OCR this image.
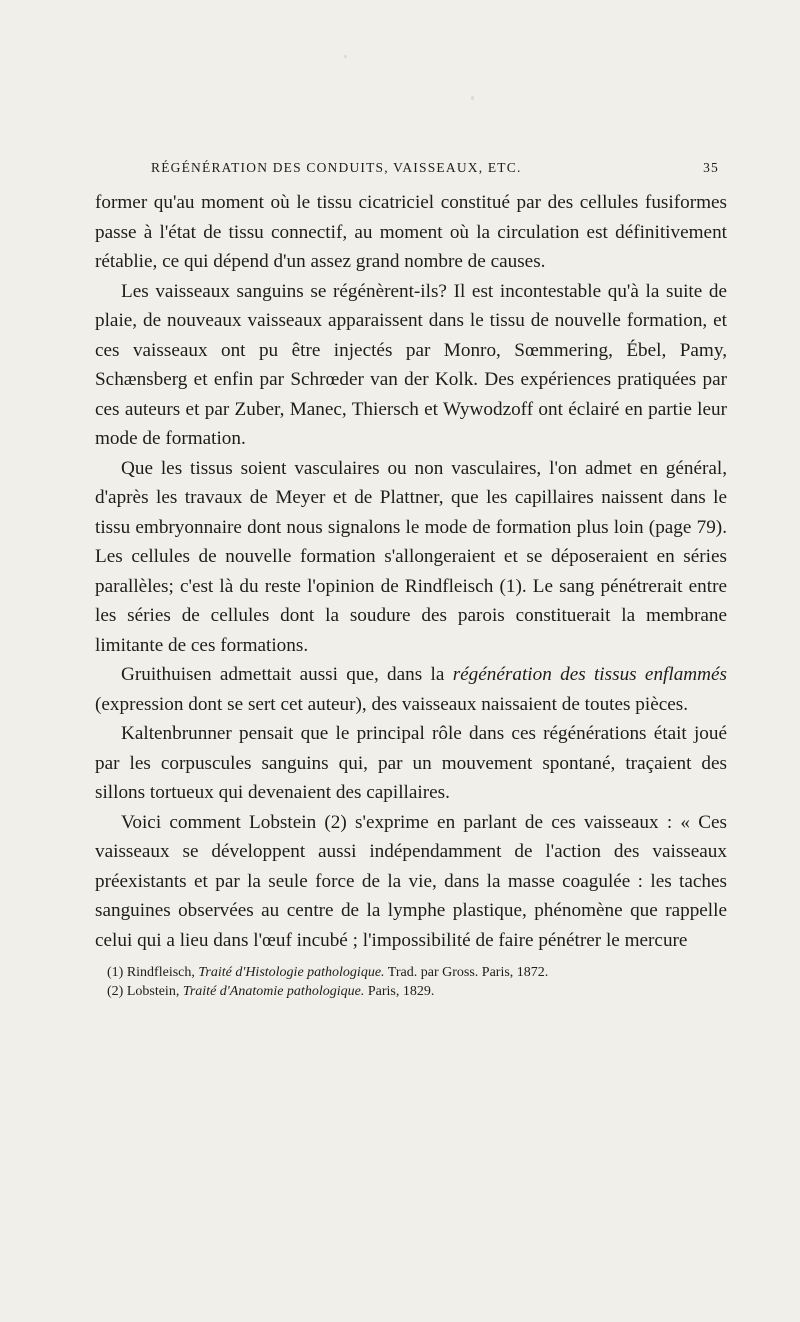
RÉGÉNÉRATION DES CONDUITS, VAISSEAUX, ETC.	35
former qu'au moment où le tissu cicatriciel constitué par des cellules fusiformes passe à l'état de tissu connectif, au moment où la circulation est définitivement rétablie, ce qui dépend d'un assez grand nombre de causes.
Les vaisseaux sanguins se régénèrent-ils? Il est incontestable qu'à la suite de plaie, de nouveaux vaisseaux apparaissent dans le tissu de nouvelle formation, et ces vaisseaux ont pu être injectés par Monro, Sœmmering, Ébel, Pamy, Schænsberg et enfin par Schrœder van der Kolk. Des expériences pratiquées par ces auteurs et par Zuber, Manec, Thiersch et Wywodzoff ont éclairé en partie leur mode de formation.
Que les tissus soient vasculaires ou non vasculaires, l'on admet en général, d'après les travaux de Meyer et de Plattner, que les capillaires naissent dans le tissu embryonnaire dont nous signalons le mode de formation plus loin (page 79). Les cellules de nouvelle formation s'allongeraient et se déposeraient en séries parallèles; c'est là du reste l'opinion de Rindfleisch (1). Le sang pénétrerait entre les séries de cellules dont la soudure des parois constituerait la membrane limitante de ces formations.
Gruithuisen admettait aussi que, dans la régénération des tissus enflammés (expression dont se sert cet auteur), des vaisseaux naissaient de toutes pièces.
Kaltenbrunner pensait que le principal rôle dans ces régénérations était joué par les corpuscules sanguins qui, par un mouvement spontané, traçaient des sillons tortueux qui devenaient des capillaires.
Voici comment Lobstein (2) s'exprime en parlant de ces vaisseaux : « Ces vaisseaux se développent aussi indépendamment de l'action des vaisseaux préexistants et par la seule force de la vie, dans la masse coagulée : les taches sanguines observées au centre de la lymphe plastique, phénomène que rappelle celui qui a lieu dans l'œuf incubé ; l'impossibilité de faire pénétrer le mercure
(1) Rindfleisch, Traité d'Histologie pathologique. Trad. par Gross. Paris, 1872.
(2) Lobstein, Traité d'Anatomie pathologique. Paris, 1829.
